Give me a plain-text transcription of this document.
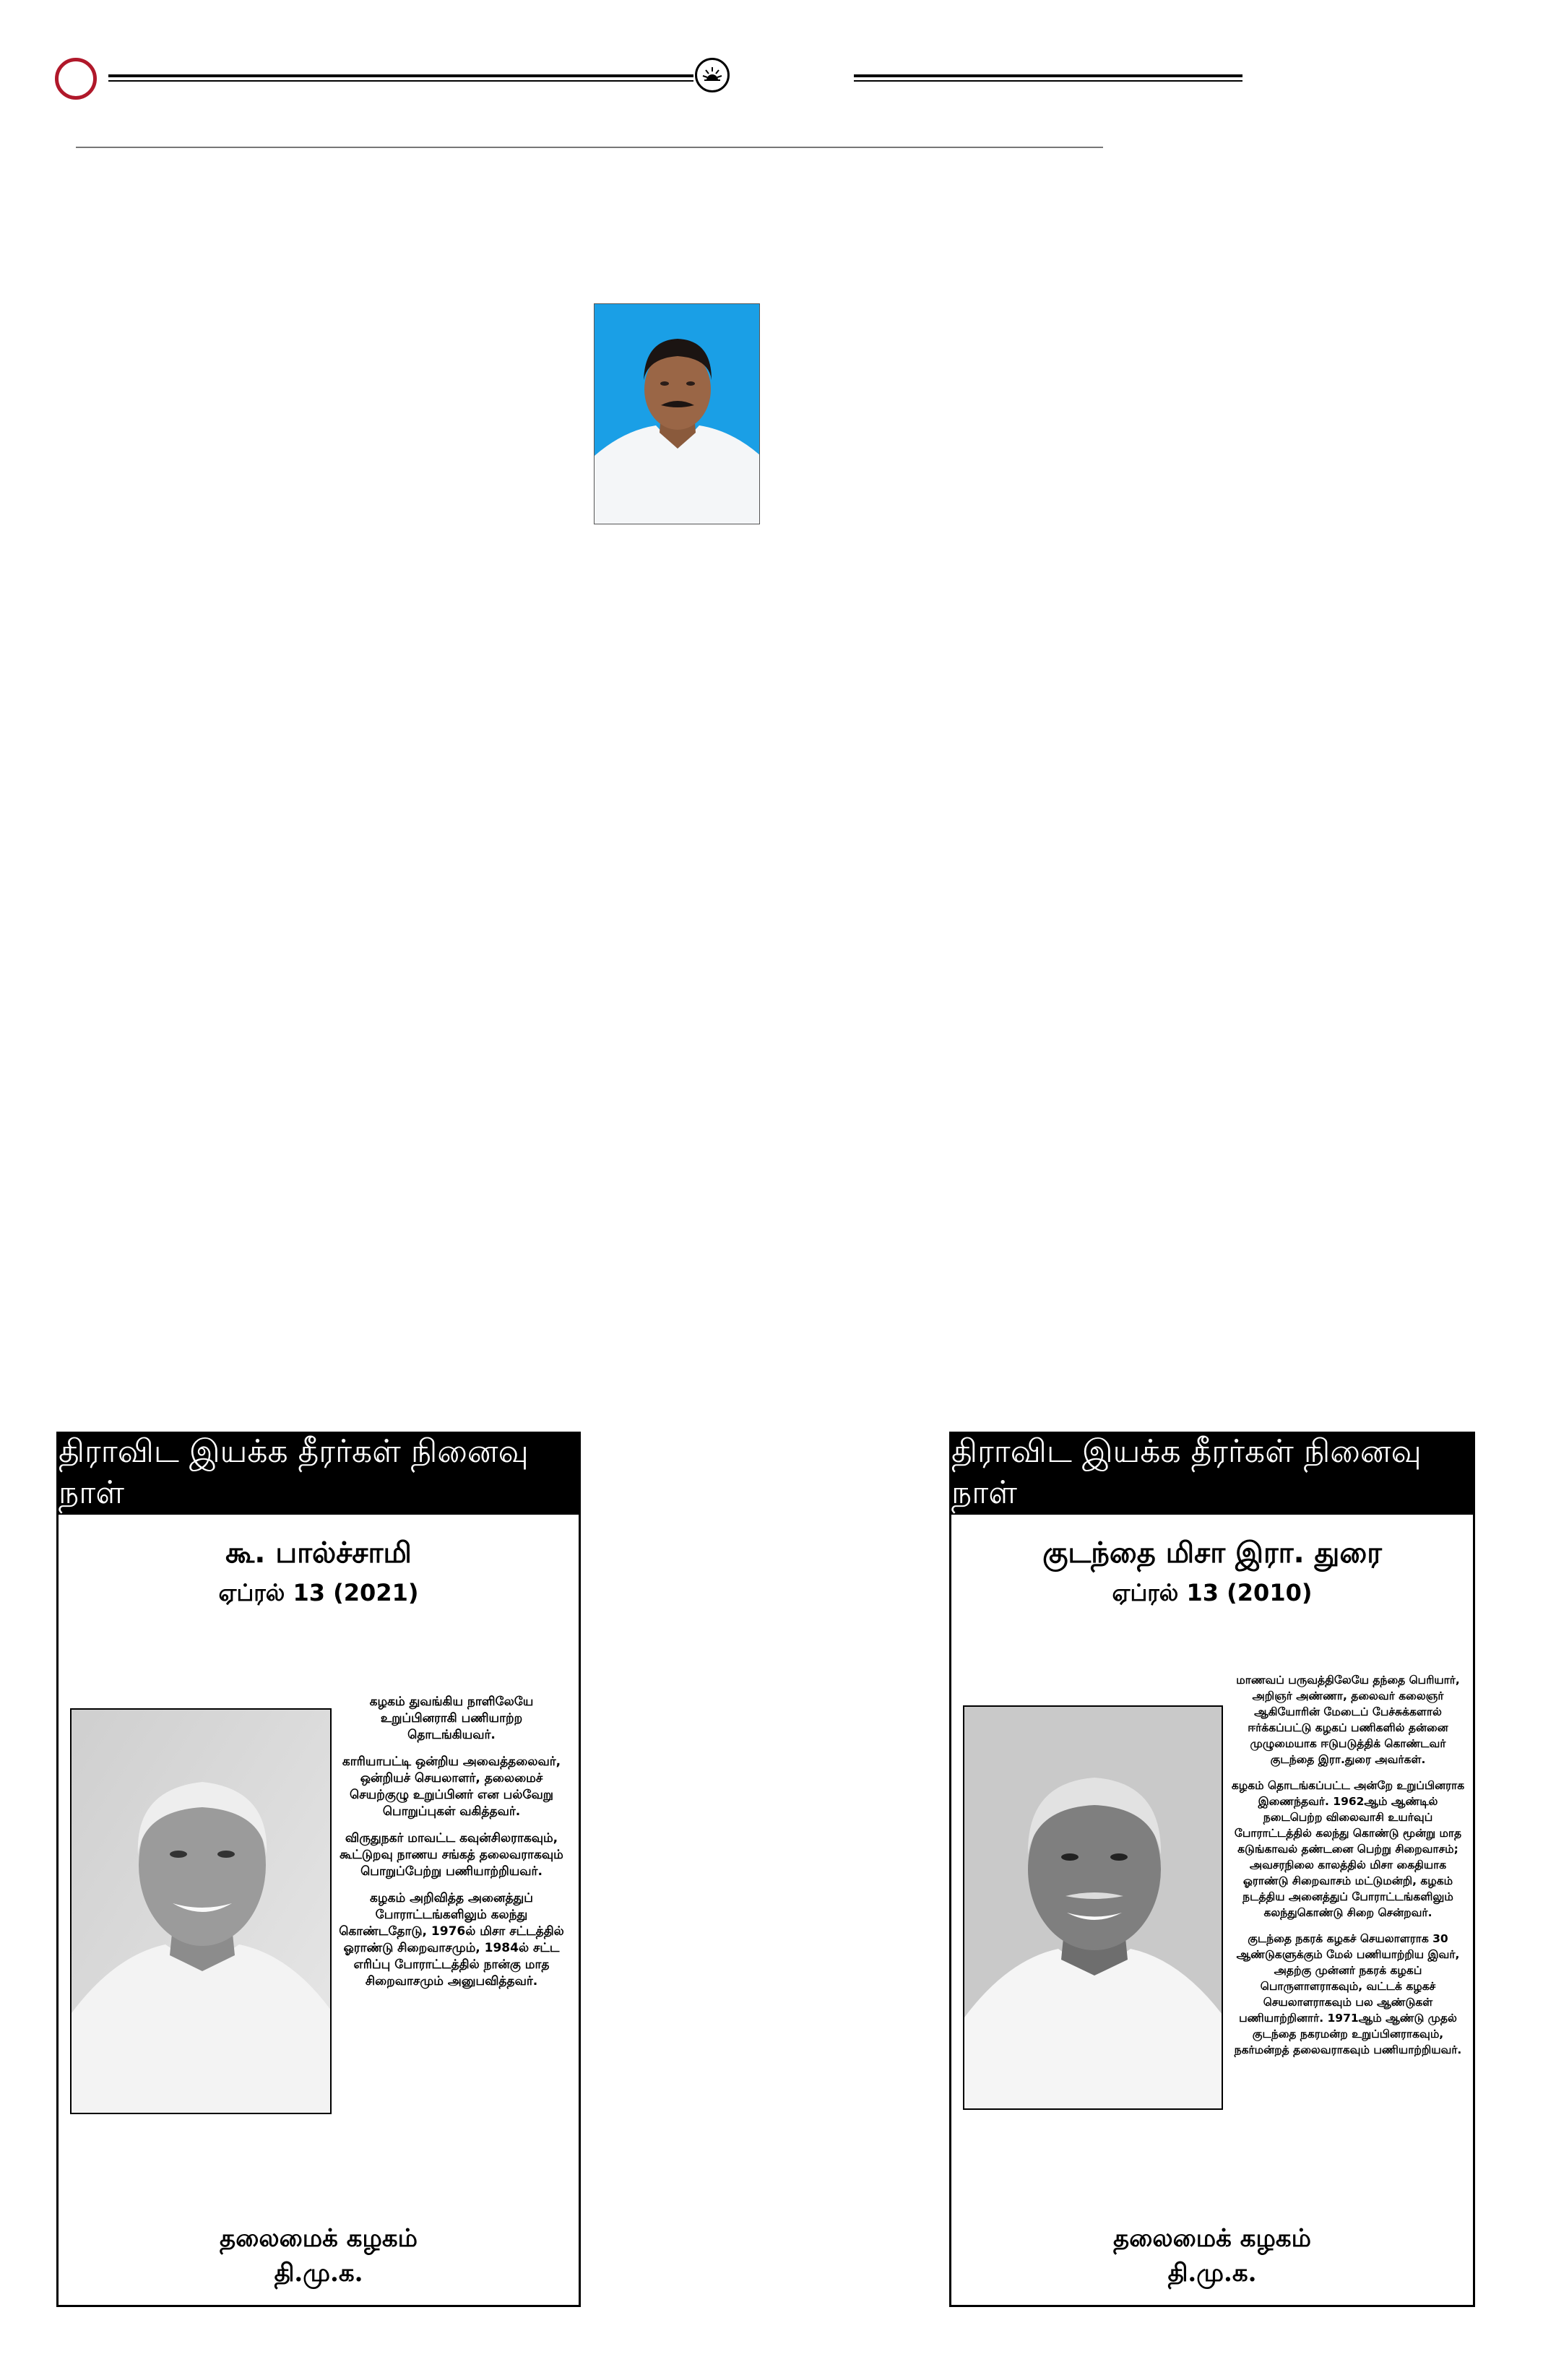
திராவிட இயக்க தீரர்கள் நினைவு நாள்
கூ. பால்ச்சாமி
ஏப்ரல் 13 (2021)

கழகம் துவங்கிய நாளிலேயே உறுப்பினராகி பணியாற்ற தொடங்கியவர்.

காரியாபட்டி ஒன்றிய அவைத்தலைவர், ஒன்றியச் செயலாளர், தலைமைச் செயற்குழு உறுப்பினர் என பல்வேறு பொறுப்புகள் வகித்தவர்.

விருதுநகர் மாவட்ட கவுன்சிலராகவும், கூட்டுறவு நாணய சங்கத் தலைவராகவும் பொறுப்பேற்று பணியாற்றியவர்.

கழகம் அறிவித்த அனைத்துப் போராட்டங்களிலும் கலந்து கொண்டதோடு, 1976ல் மிசா சட்டத்தில் ஓராண்டு சிறைவாசமும், 1984ல் சட்ட எரிப்பு போராட்டத்தில் நான்கு மாத சிறைவாசமும் அனுபவித்தவர்.

தலைமைக் கழகம்
தி.மு.க.
திராவிட இயக்க தீரர்கள் நினைவு நாள்
குடந்தை மிசா இரா. துரை
ஏப்ரல் 13 (2010)

மாணவப் பருவத்திலேயே தந்தை பெரியார், அறிஞர் அண்ணா, தலைவர் கலைஞர் ஆகியோரின் மேடைப் பேச்சுக்களால் ஈர்க்கப்பட்டு கழகப் பணிகளில் தன்னை முழுமையாக ஈடுபடுத்திக் கொண்டவர் குடந்தை இரா.துரை அவர்கள்.

கழகம் தொடங்கப்பட்ட அன்றே உறுப்பினராக இணைந்தவர். 1962ஆம் ஆண்டில் நடைபெற்ற விலைவாசி உயர்வுப் போராட்டத்தில் கலந்து கொண்டு மூன்று மாத கடுங்காவல் தண்டனை பெற்று சிறைவாசம்; அவசரநிலை காலத்தில் மிசா கைதியாக ஓராண்டு சிறைவாசம் மட்டுமன்றி, கழகம் நடத்திய அனைத்துப் போராட்டங்களிலும் கலந்துகொண்டு சிறை சென்றவர்.

குடந்தை நகரக் கழகச் செயலாளராக 30 ஆண்டுகளுக்கும் மேல் பணியாற்றிய இவர், அதற்கு முன்னர் நகரக் கழகப் பொருளாளராகவும், வட்டக் கழகச் செயலாளராகவும் பல ஆண்டுகள் பணியாற்றினார். 1971ஆம் ஆண்டு முதல் குடந்தை நகரமன்ற உறுப்பினராகவும், நகர்மன்றத் தலைவராகவும் பணியாற்றியவர்.

தலைமைக் கழகம்
தி.மு.க.
